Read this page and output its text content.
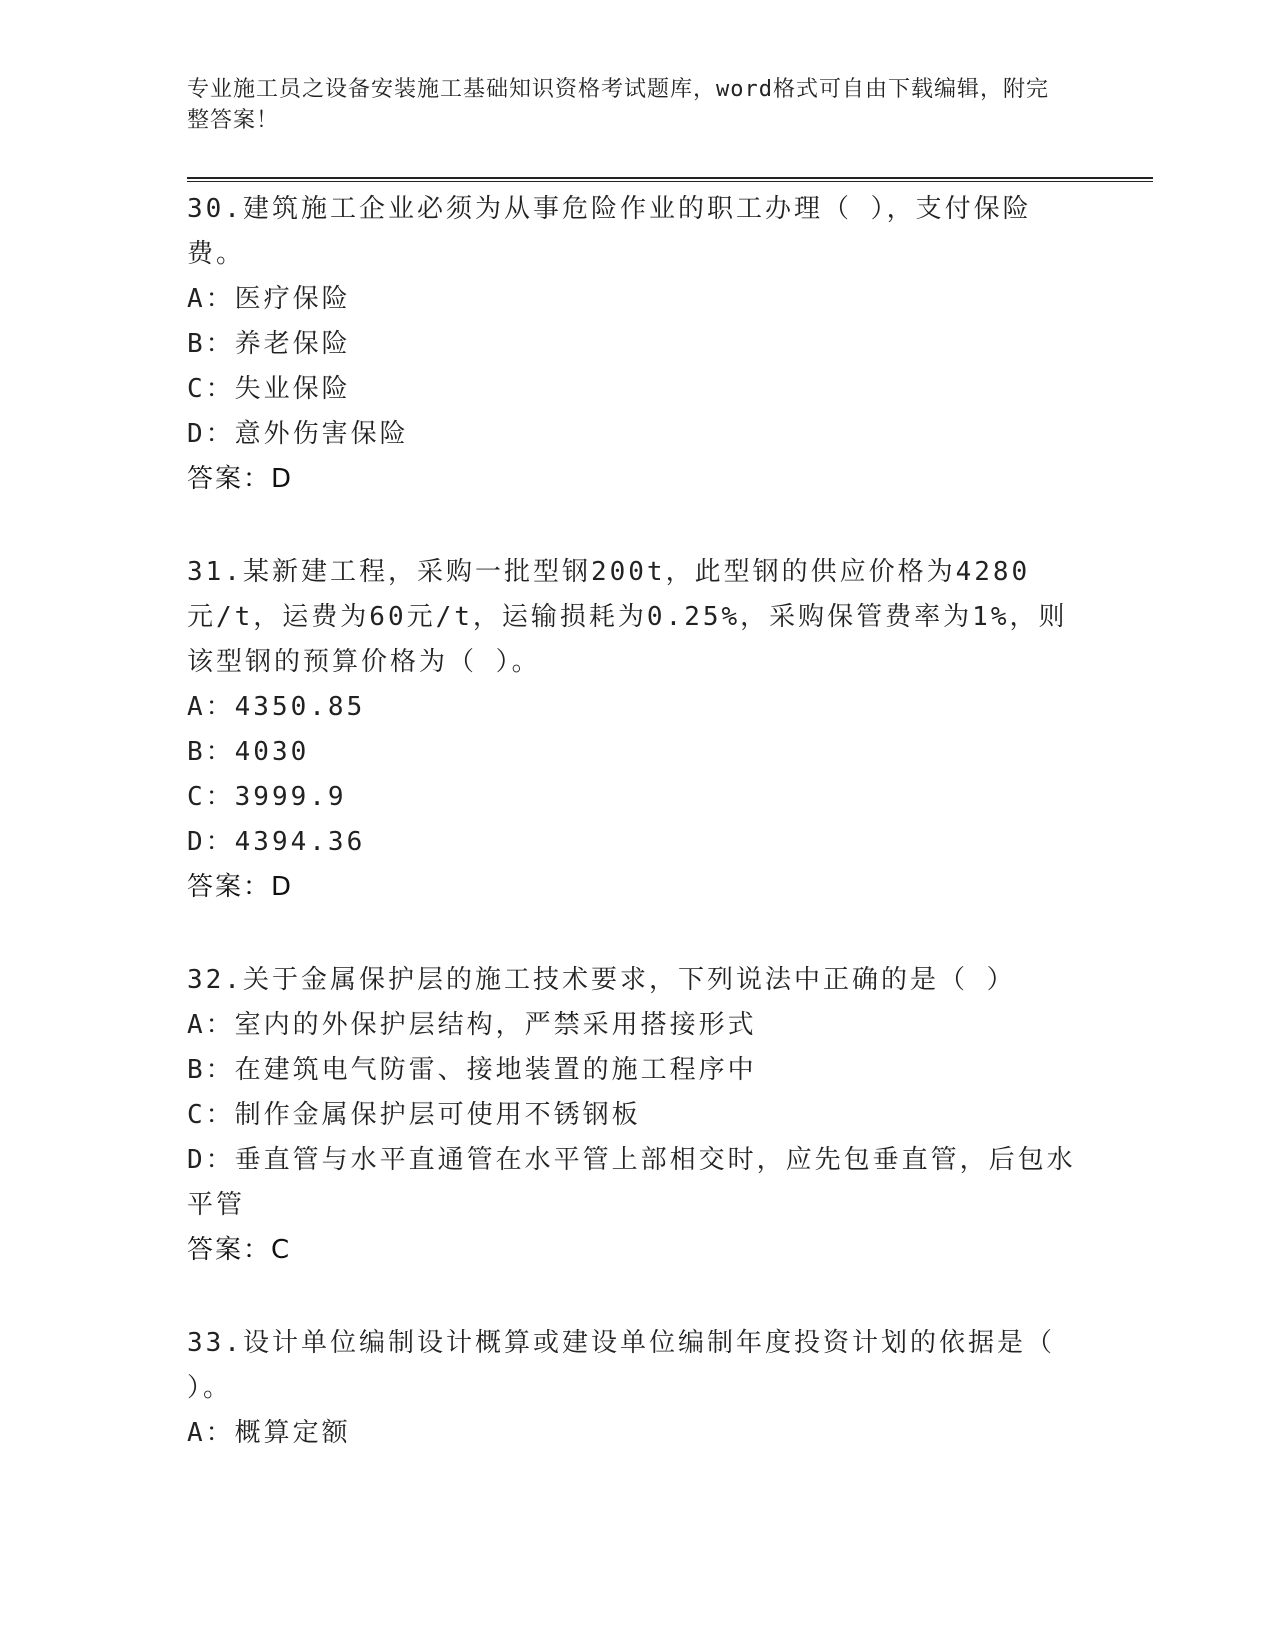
专业施工员之设备安装施工基础知识资格考试题库，word格式可自由下载编辑，附完整答案！

30.建筑施工企业必须为从事危险作业的职工办理（ ），支付保险费。

A：医疗保险

B：养老保险

C：失业保险

D：意外伤害保险

答案：D

31.某新建工程，采购一批型钢200t，此型钢的供应价格为4280元/t，运费为60元/t，运输损耗为0.25%，采购保管费率为1%，则该型钢的预算价格为（ ）。

A：4350.85

B：4030

C：3999.9

D：4394.36

答案：D

32.关于金属保护层的施工技术要求，下列说法中正确的是（ ）

A：室内的外保护层结构，严禁采用搭接形式

B：在建筑电气防雷、接地装置的施工程序中

C：制作金属保护层可使用不锈钢板

D：垂直管与水平直通管在水平管上部相交时，应先包垂直管，后包水平管

答案：C

33.设计单位编制设计概算或建设单位编制年度投资计划的依据是（ ）。

A：概算定额
